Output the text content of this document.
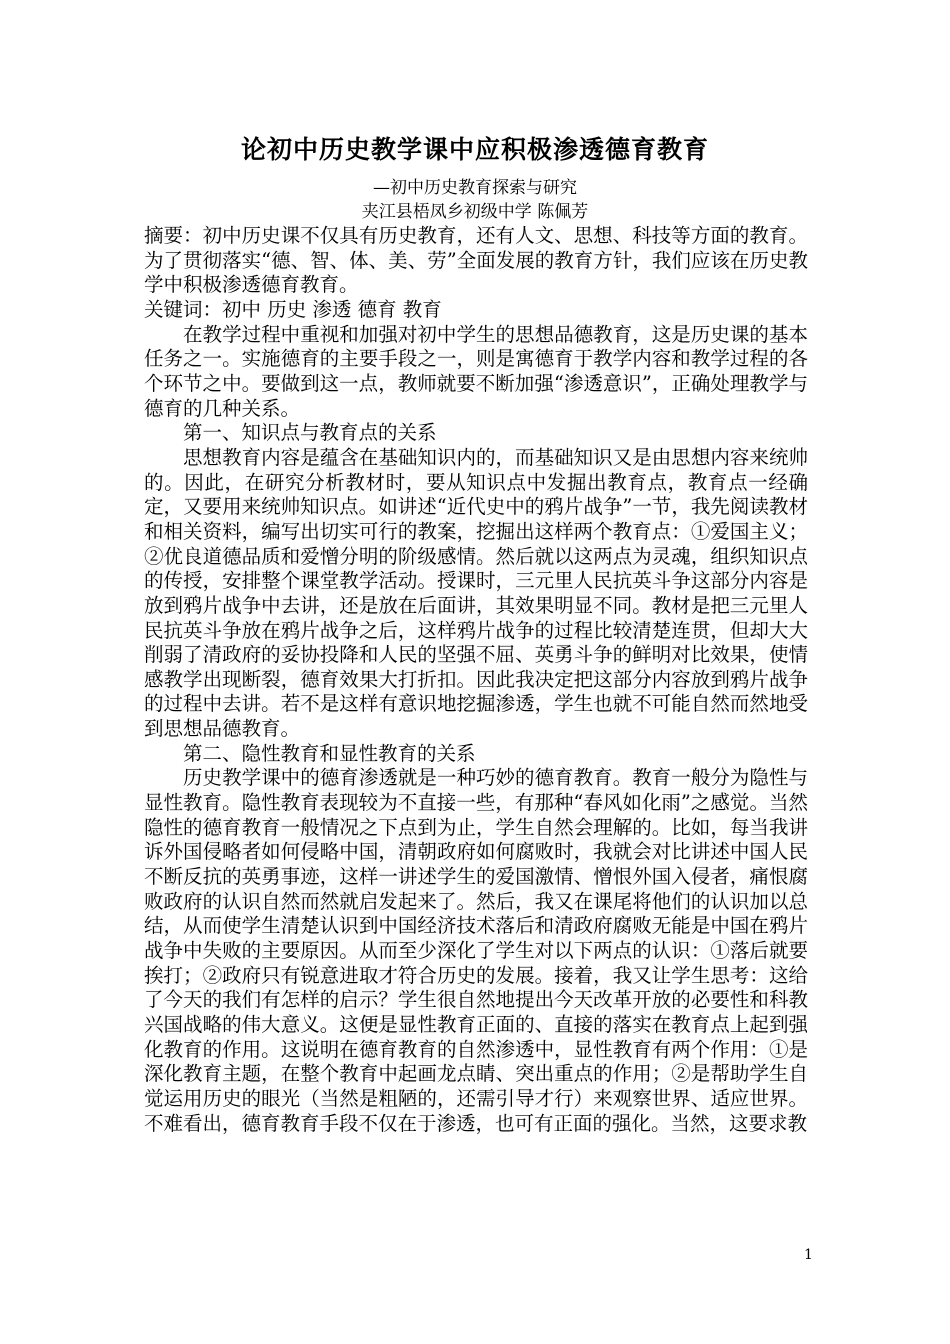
论初中历史教学课中应积极渗透德育教育
—初中历史教育探索与研究
夹江县梧凤乡初级中学 陈佩芳

摘要：初中历史课不仅具有历史教育，还有人文、思想、科技等方面的教育。为了贯彻落实“德、智、体、美、劳”全面发展的教育方针，我们应该在历史教学中积极渗透德育教育。

关键词：初中 历史 渗透 德育 教育

在教学过程中重视和加强对初中学生的思想品德教育，这是历史课的基本任务之一。实施德育的主要手段之一，则是寓德育于教学内容和教学过程的各个环节之中。要做到这一点，教师就要不断加强“渗透意识”，正确处理教学与德育的几种关系。

第一、知识点与教育点的关系

思想教育内容是蕴含在基础知识内的，而基础知识又是由思想内容来统帅的。因此，在研究分析教材时，要从知识点中发掘出教育点，教育点一经确定，又要用来统帅知识点。如讲述“近代史中的鸦片战争”一节，我先阅读教材和相关资料，编写出切实可行的教案，挖掘出这样两个教育点：①爱国主义；②优良道德品质和爱憎分明的阶级感情。然后就以这两点为灵魂，组织知识点的传授，安排整个课堂教学活动。授课时，三元里人民抗英斗争这部分内容是放到鸦片战争中去讲，还是放在后面讲，其效果明显不同。教材是把三元里人民抗英斗争放在鸦片战争之后，这样鸦片战争的过程比较清楚连贯，但却大大削弱了清政府的妥协投降和人民的坚强不屈、英勇斗争的鲜明对比效果，使情感教学出现断裂，德育效果大打折扣。因此我决定把这部分内容放到鸦片战争的过程中去讲。若不是这样有意识地挖掘渗透，学生也就不可能自然而然地受到思想品德教育。

第二、隐性教育和显性教育的关系

历史教学课中的德育渗透就是一种巧妙的德育教育。教育一般分为隐性与显性教育。隐性教育表现较为不直接一些，有那种“春风如化雨”之感觉。当然隐性的德育教育一般情况之下点到为止，学生自然会理解的。比如，每当我讲诉外国侵略者如何侵略中国，清朝政府如何腐败时，我就会对比讲述中国人民不断反抗的英勇事迹，这样一讲述学生的爱国激情、憎恨外国入侵者，痛恨腐败政府的认识自然而然就启发起来了。然后，我又在课尾将他们的认识加以总结，从而使学生清楚认识到中国经济技术落后和清政府腐败无能是中国在鸦片战争中失败的主要原因。从而至少深化了学生对以下两点的认识：①落后就要挨打；②政府只有锐意进取才符合历史的发展。接着，我又让学生思考：这给了今天的我们有怎样的启示？学生很自然地提出今天改革开放的必要性和科教兴国战略的伟大意义。这便是显性教育正面的、直接的落实在教育点上起到强化教育的作用。这说明在德育教育的自然渗透中，显性教育有两个作用：①是深化教育主题，在整个教育中起画龙点睛、突出重点的作用；②是帮助学生自觉运用历史的眼光（当然是粗陋的，还需引导才行）来观察世界、适应世界。不难看出，德育教育手段不仅在于渗透，也可有正面的强化。当然，这要求教

1
